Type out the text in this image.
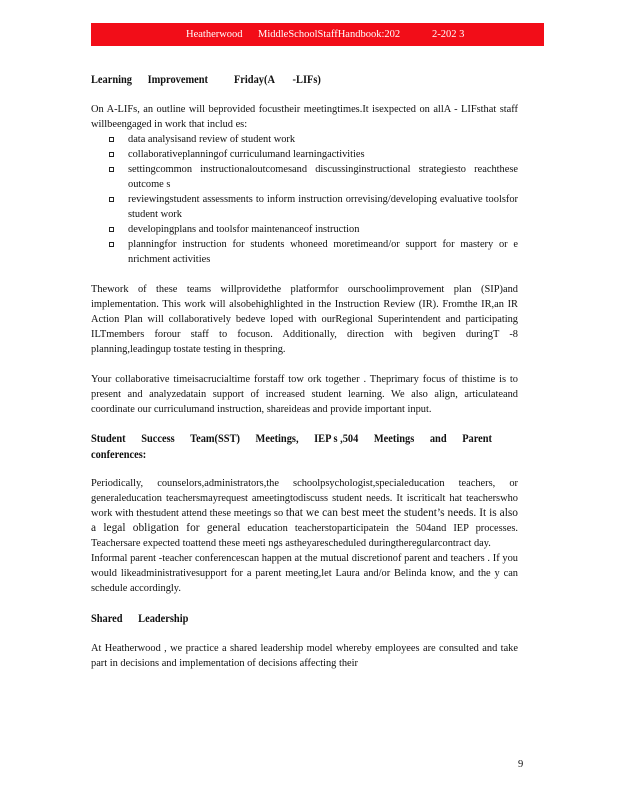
Heatherwood MiddleSchoolStaffHandbook:202	2-202 3
Learning      Improvement          Friday(A       -LIFs)

On A-LIFs, an outline will beprovided focustheir meetingtimes.It isexpected on allA - LIFsthat staff willbeengaged in work that includ es:

data analysisand review of student work
collaborativeplanningof curriculumand learningactivities
settingcommon instructionaloutcomesand discussinginstructional strategiesto reachthese outcome s
reviewingstudent assessments to inform instruction orrevising/developing evaluative toolsfor student work
developingplans and toolsfor maintenanceof instruction
planningfor instruction for students whoneed moretimeand/or support for mastery or e nrichment activities

Thework of these teams willprovidethe platformfor ourschoolimprovement plan (SIP)and implementation. This work will alsobehighlighted in the Instruction Review (IR). Fromthe IR,an IR Action Plan will collaboratively bedeve loped with ourRegional Superintendent and participating ILTmembers forour staff to focuson. Additionally, direction with begiven duringT -8 planning,leadingup tostate testing in thespring.

Your collaborative timeisacrucialtime forstaff tow ork together . Theprimary focus of thistime is to present and analyzedatain support of increased student learning. We also align, articulateand coordinate our curriculumand instruction, shareideas and provide important input.

Student      Success      Team(SST)      Meetings,      IEP s ,504      Meetings      and      Parent conferences:

Periodically, counselors,administrators,the schoolpsychologist,specialeducation teachers, or generaleducation teachersmayrequest ameetingtodiscuss student needs. It iscriticalt hat teacherswho work with thestudent attend these meetings so that we can best meet the student’s needs. It is also a legal obligation for general education teacherstoparticipatein the 504and IEP processes. Teachersare expected toattend these meeti ngs astheyarescheduled duringtheregularcontract day.

Informal parent -teacher conferencescan happen at the mutual discretionof parent and teachers . If you would likeadministrativesupport for a parent meeting,let Laura and/or Belinda know, and the y can schedule accordingly.

Shared      Leadership

At Heatherwood , we practice a shared leadership model whereby employees are consulted and take part in decisions and implementation of decisions affecting their

9
